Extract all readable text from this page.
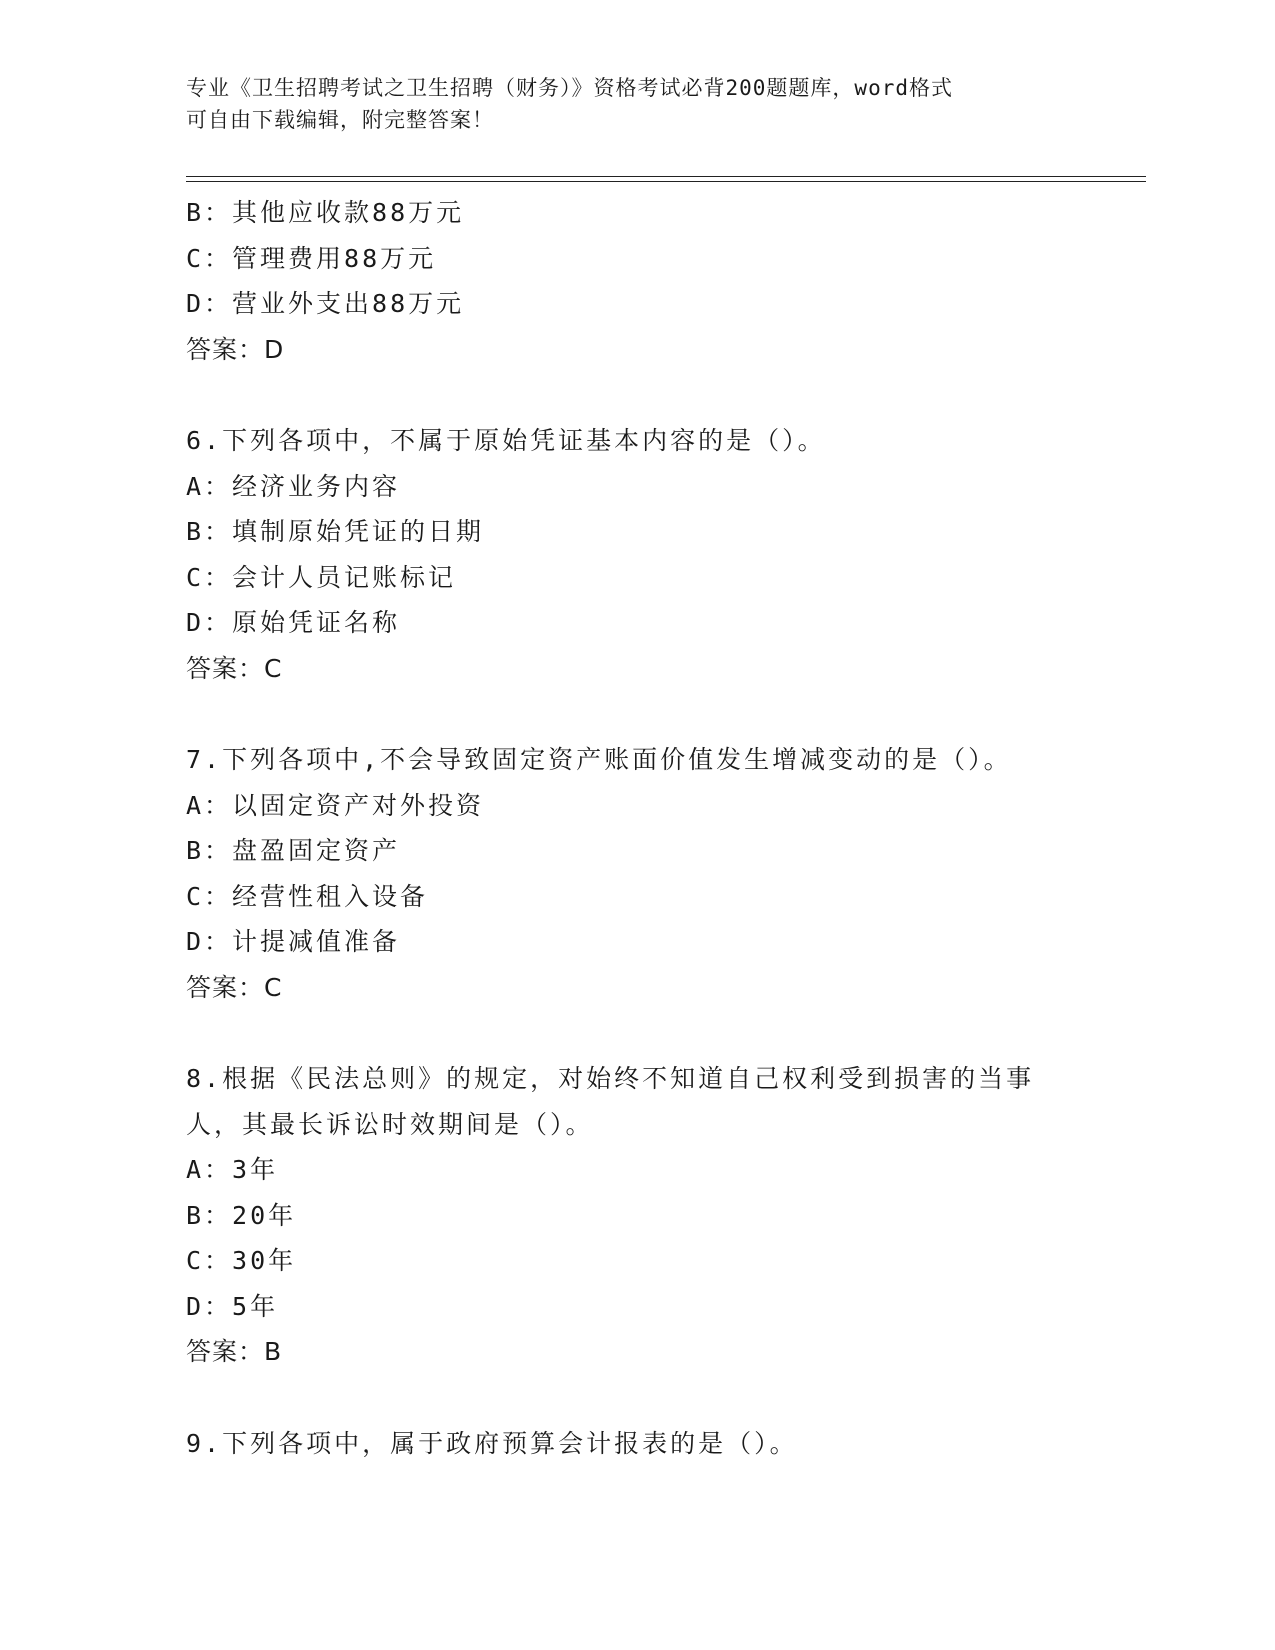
专业《卫生招聘考试之卫生招聘（财务）》资格考试必背200题题库，word格式
可自由下载编辑，附完整答案！
B：其他应收款88万元
C：管理费用88万元
D：营业外支出88万元
答案：D
6.下列各项中，不属于原始凭证基本内容的是（）。
A：经济业务内容
B：填制原始凭证的日期
C：会计人员记账标记
D：原始凭证名称
答案：C
7.下列各项中,不会导致固定资产账面价值发生增减变动的是（）。
A：以固定资产对外投资
B：盘盈固定资产
C：经营性租入设备
D：计提减值准备
答案：C
8.根据《民法总则》的规定，对始终不知道自己权利受到损害的当事
人，其最长诉讼时效期间是（）。
A：3年
B：20年
C：30年
D：5年
答案：B
9.下列各项中，属于政府预算会计报表的是（）。
